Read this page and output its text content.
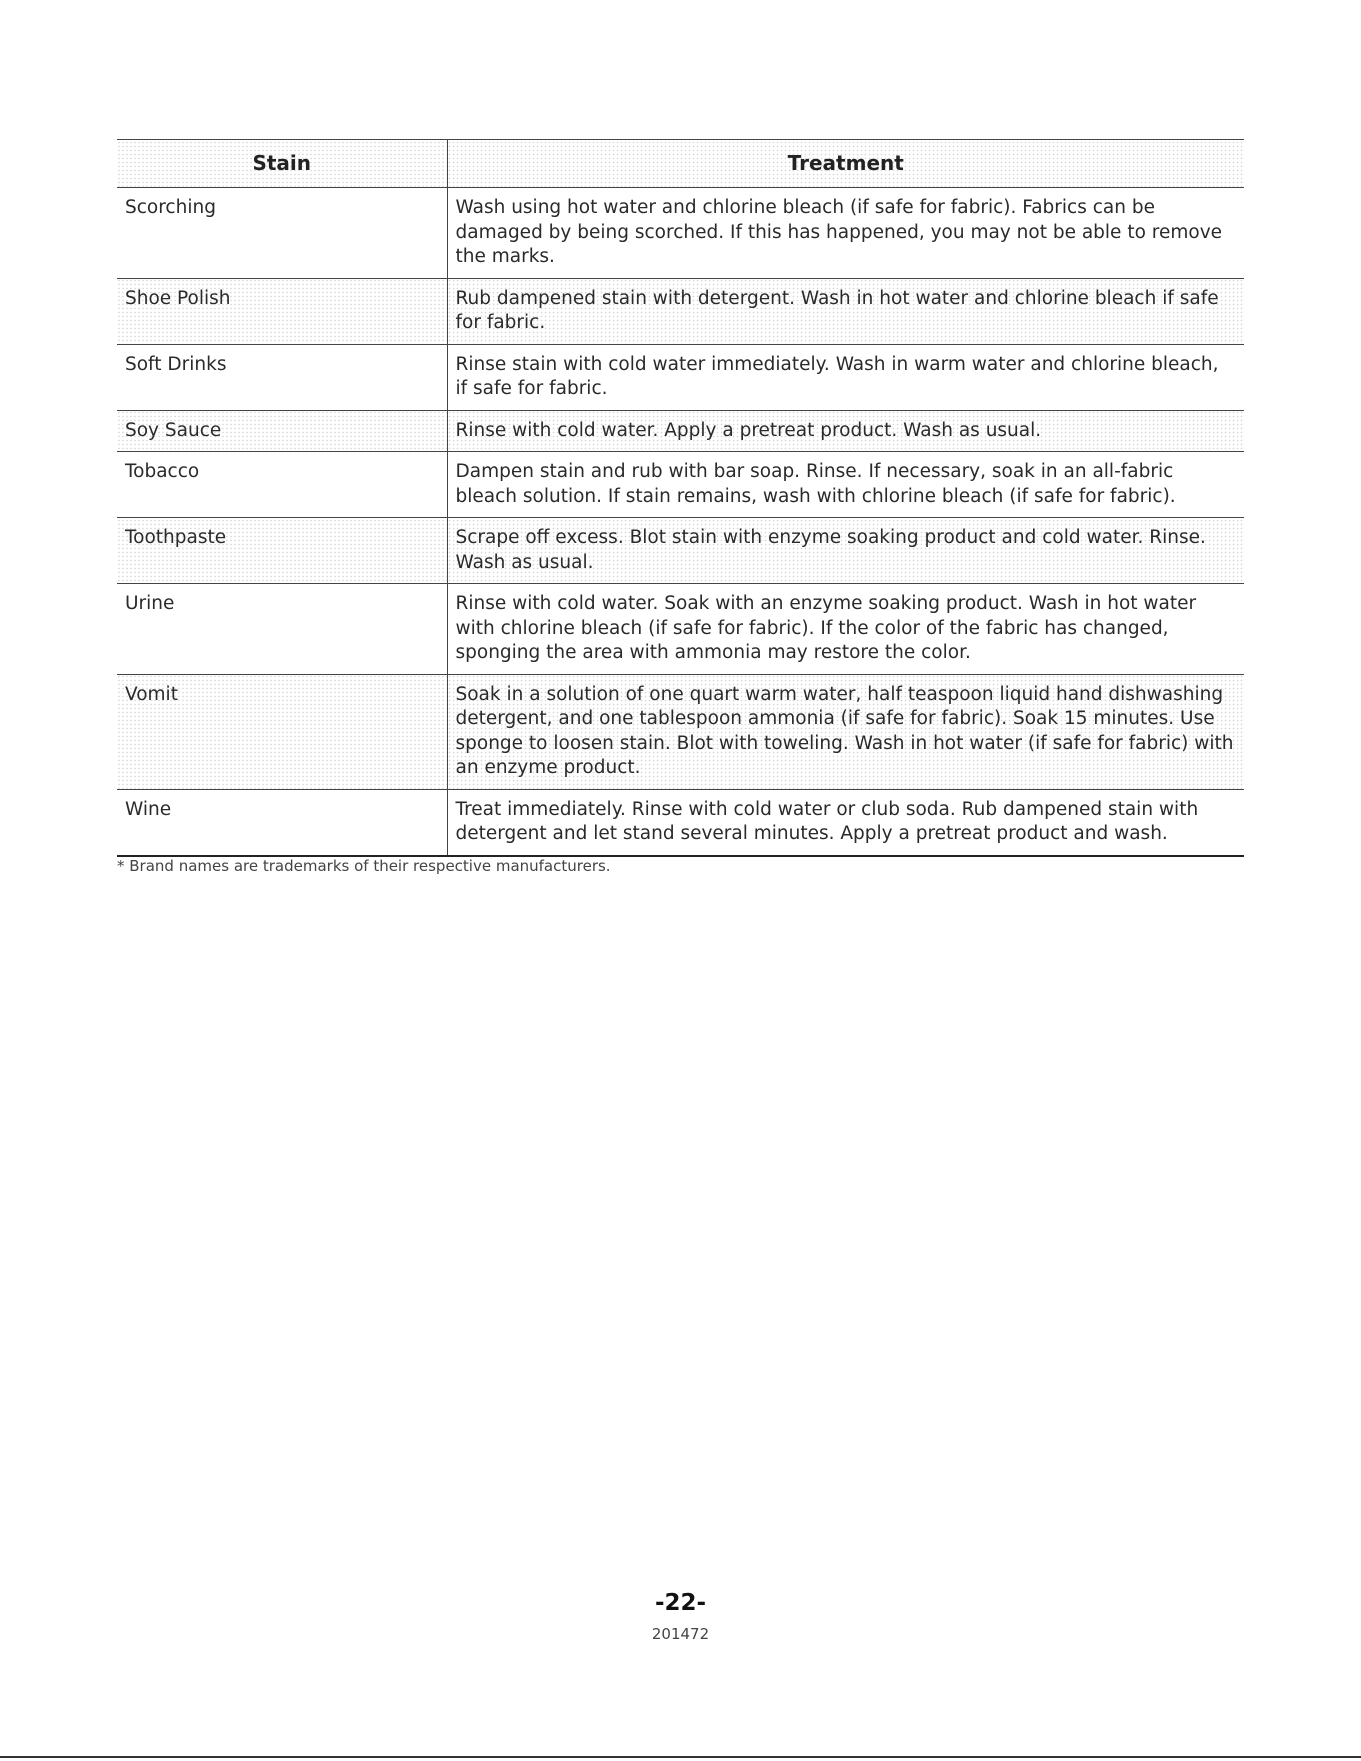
Stain	Treatment
Scorching	Wash using hot water and chlorine bleach (if safe for fabric). Fabrics can be damaged by being scorched. If this has happened, you may not be able to remove the marks.
Shoe Polish	Rub dampened stain with detergent. Wash in hot water and chlorine bleach if safe for fabric.
Soft Drinks	Rinse stain with cold water immediately. Wash in warm water and chlorine bleach, if safe for fabric.
Soy Sauce	Rinse with cold water. Apply a pretreat product. Wash as usual.
Tobacco	Dampen stain and rub with bar soap. Rinse. If necessary, soak in an all-fabric bleach solution. If stain remains, wash with chlorine bleach (if safe for fabric).
Toothpaste	Scrape off excess. Blot stain with enzyme soaking product and cold water. Rinse. Wash as usual.
Urine	Rinse with cold water. Soak with an enzyme soaking product. Wash in hot water with chlorine bleach (if safe for fabric). If the color of the fabric has changed, sponging the area with ammonia may restore the color.
Vomit	Soak in a solution of one quart warm water, half teaspoon liquid hand dishwashing detergent, and one tablespoon ammonia (if safe for fabric). Soak 15 minutes. Use sponge to loosen stain. Blot with toweling. Wash in hot water (if safe for fabric) with an enzyme product.
Wine	Treat immediately. Rinse with cold water or club soda. Rub dampened stain with detergent and let stand several minutes. Apply a pretreat product and wash.
* Brand names are trademarks of their respective manufacturers.
-22-
201472
